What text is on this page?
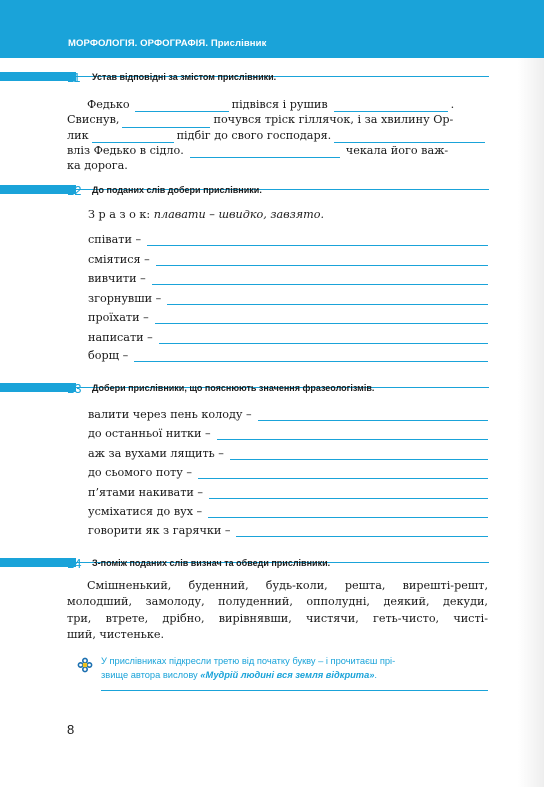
МОРФОЛОГІЯ. ОРФОГРАФІЯ. Прислівник
11 Устав відповідні за змістом прислівники.
Федько	підвівся і рушив	.
Свиснув,	почувся тріск гіллячок, і за хвилину Ор-
лик	підбіг до свого господаря.
вліз Федько в сідло.	чекала його важ-
ка дорога.
12 До поданих слів добери прислівники.
З р а з о к: плавати – швидко, завзято.
співати –
сміятися –
вивчити –
згорнувши –
проїхати –
написати –
борщ –
13 Добери прислівники, що пояснюють значення фразеологізмів.
валити через пень колоду –
до останньої нитки –
аж за вухами лящить –
до сьомого поту –
п’ятами накивати –
усміхатися до вух –
говорити як з гарячки –
14 З-поміж поданих слів визнач та обведи прислівники.
Смішненький, буденний, будь-коли, решта, вирешті-решт,
молодший, замолоду, полуденний, опполудні, деякий, декуди,
три, втрете, дрібно, вирівнявши, чистячи, геть-чисто, чисті-
ший, чистеньке.
У прислівниках підкресли третю від початку букву – і прочитаєш прі-
звище автора вислову «Мудрій людині вся земля відкрита».
8
